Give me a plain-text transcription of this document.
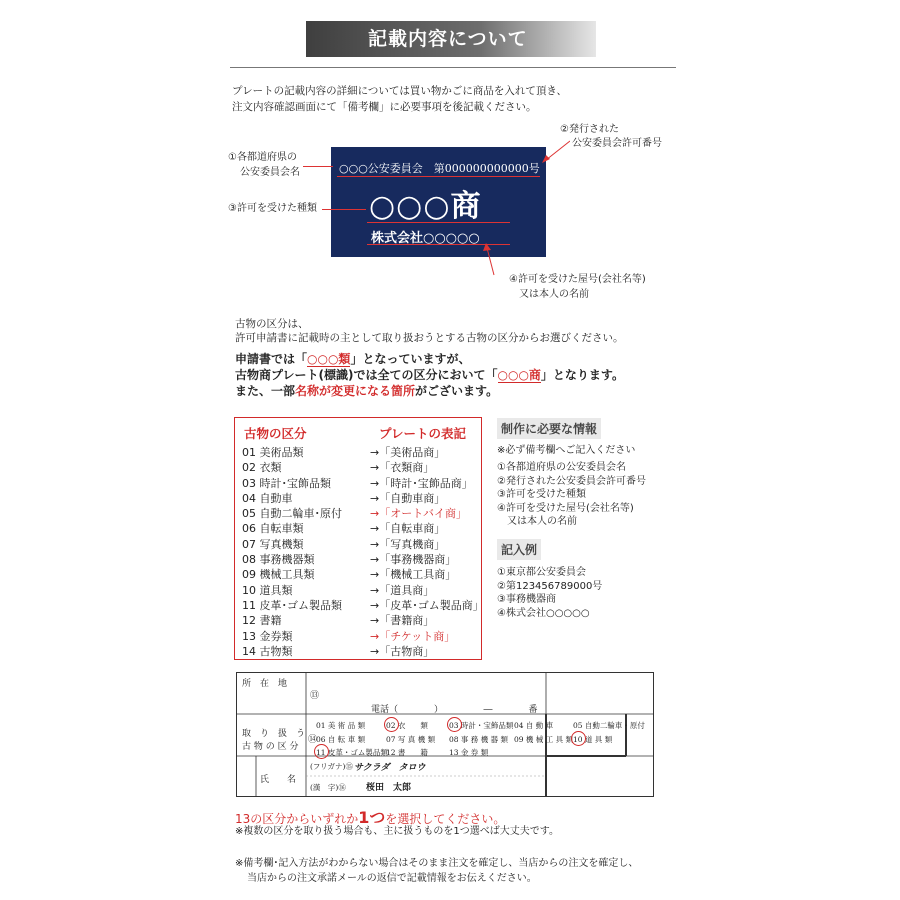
記載内容について
プレートの記載内容の詳細については買い物かごに商品を入れて頂き、
注文内容確認画面にて「備考欄」に必要事項を後記載ください。
○○○公安委員会　第000000000000号
○○○商
株式会社○○○○○
①各都道府県の
公安委員会名
②発行された
公安委員会許可番号
③許可を受けた種類
④許可を受けた屋号(会社名等)
又は本人の名前
古物の区分は、
許可申請書に記載時の主として取り扱おうとする古物の区分からお選びください。
申請書では「○○○類」となっていますが、
古物商プレート(標識)では全ての区分において「○○○商」となります。
また、一部名称が変更になる箇所がございます。
古物の区分	プレートの表記
01 美術品類	→「美術品商」
02 衣類	→「衣類商」
03 時計･宝飾品類	→「時計･宝飾品商」
04 自動車	→「自動車商」
05 自動二輪車･原付	→「オートバイ商」
06 自転車類	→「自転車商」
07 写真機類	→「写真機商」
08 事務機器類	→「事務機器商」
09 機械工具類	→「機械工具商」
10 道具類	→「道具商」
11 皮革･ゴム製品類	→「皮革･ゴム製品商」
12 書籍	→「書籍商」
13 金券類	→「チケット商」
14 古物類	→「古物商」
制作に必要な情報
※必ず備考欄へご記入ください
①各都道府県の公安委員会名
②発行された公安委員会許可番号
③許可を受けた種類
④許可を受けた屋号(会社名等)
　又は本人の名前
記入例
①東京都公安委員会
②第123456789000号
③事務機器商
④株式会社○○○○○
所　在　地
⑬
電話（　　　　）　　　　　―　　　　番
取　り　扱　う
古 物 の 区 分
⑭
01 美 術 品 類	02 衣　　類	03 時計・宝飾品類 04 自 動 車	05 自動二輪車・原付
06 自 転 車 類	07 写 真 機 類 08 事 務 機 器 類 09 機 械 工 具 類 10 道 具 類
11 皮革・ゴム製品類
12 書　　籍	13 金 券 類
氏　　名
(フリガナ)⑮ サクラダ　タロウ
(漢　字)⑯ 桜田　太郎
13の区分からいずれか1つを選択してください。
※複数の区分を取り扱う場合も、主に扱うものを1つ選べば大丈夫です。
※備考欄･記入方法がわからない場合はそのまま注文を確定し、当店からの注文を確定し、
当店からの注文承諾メールの返信で記載情報をお伝えください。
